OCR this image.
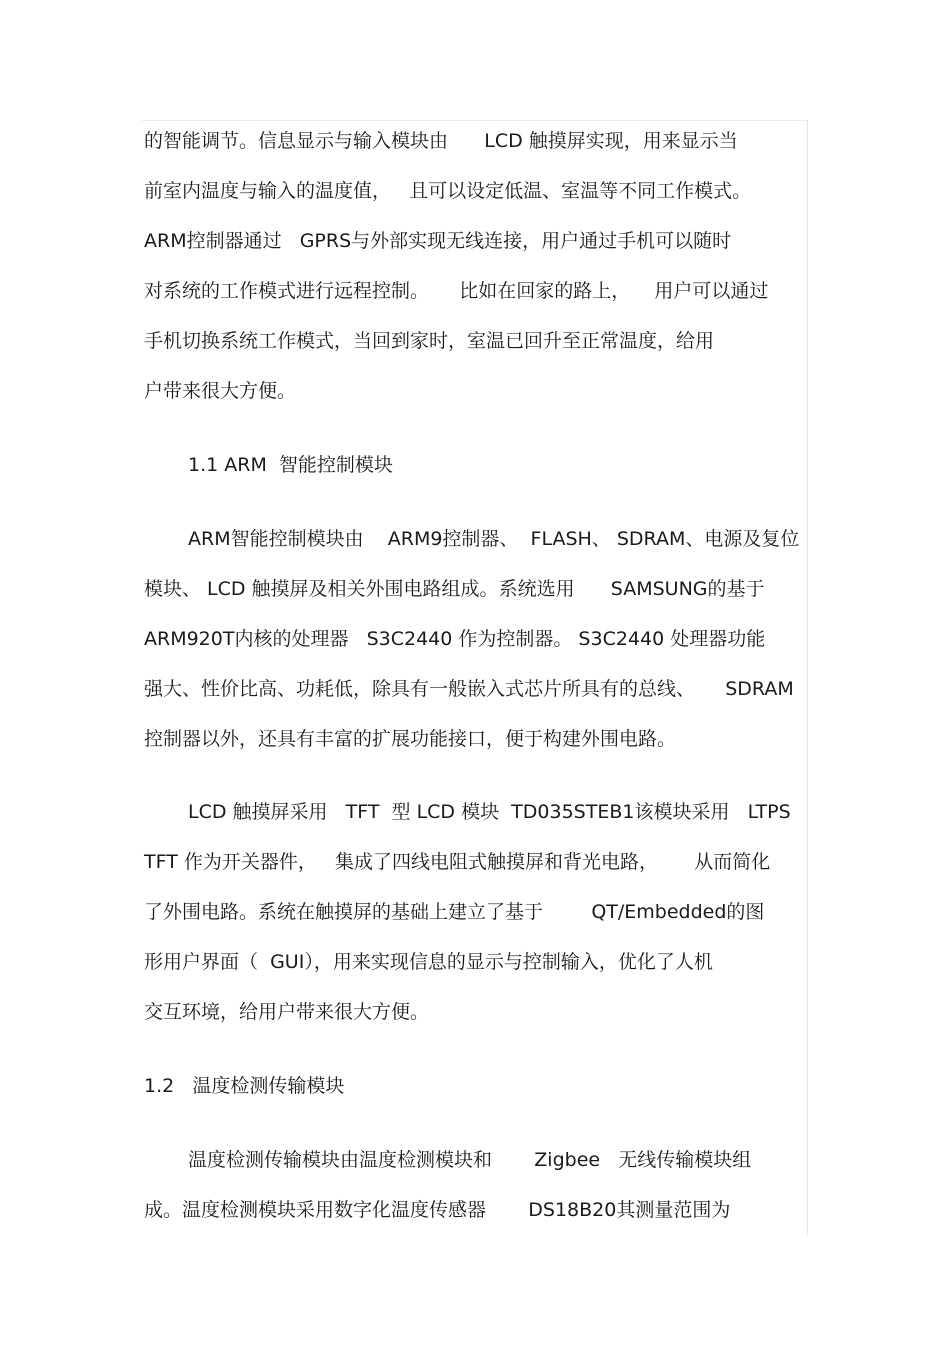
的智能调节。信息显示与输入模块由      LCD 触摸屏实现，用来显示当
前室内温度与输入的温度值，   且可以设定低温、室温等不同工作模式。
ARM控制器通过   GPRS与外部实现无线连接，用户通过手机可以随时
对系统的工作模式进行远程控制。     比如在回家的路上，    用户可以通过
手机切换系统工作模式，当回到家时，室温已回升至正常温度，给用
户带来很大方便。
1.1 ARM  智能控制模块
ARM智能控制模块由    ARM9控制器、  FLASH、 SDRAM、电源及复位
模块、 LCD 触摸屏及相关外围电路组成。系统选用      SAMSUNG的基于
ARM920T内核的处理器   S3C2440 作为控制器。 S3C2440 处理器功能
强大、性价比高、功耗低，除具有一般嵌入式芯片所具有的总线、     SDRAM
控制器以外，还具有丰富的扩展功能接口，便于构建外围电路。
LCD 触摸屏采用   TFT  型 LCD 模块  TD035STEB1该模块采用   LTPS
TFT 作为开关器件，   集成了四线电阻式触摸屏和背光电路，      从而简化
了外围电路。系统在触摸屏的基础上建立了基于        QT/Embedded的图
形用户界面（  GUI），用来实现信息的显示与控制输入，优化了人机
交互环境，给用户带来很大方便。
1.2   温度检测传输模块
温度检测传输模块由温度检测模块和       Zigbee   无线传输模块组
成。温度检测模块采用数字化温度传感器       DS18B20其测量范围为
